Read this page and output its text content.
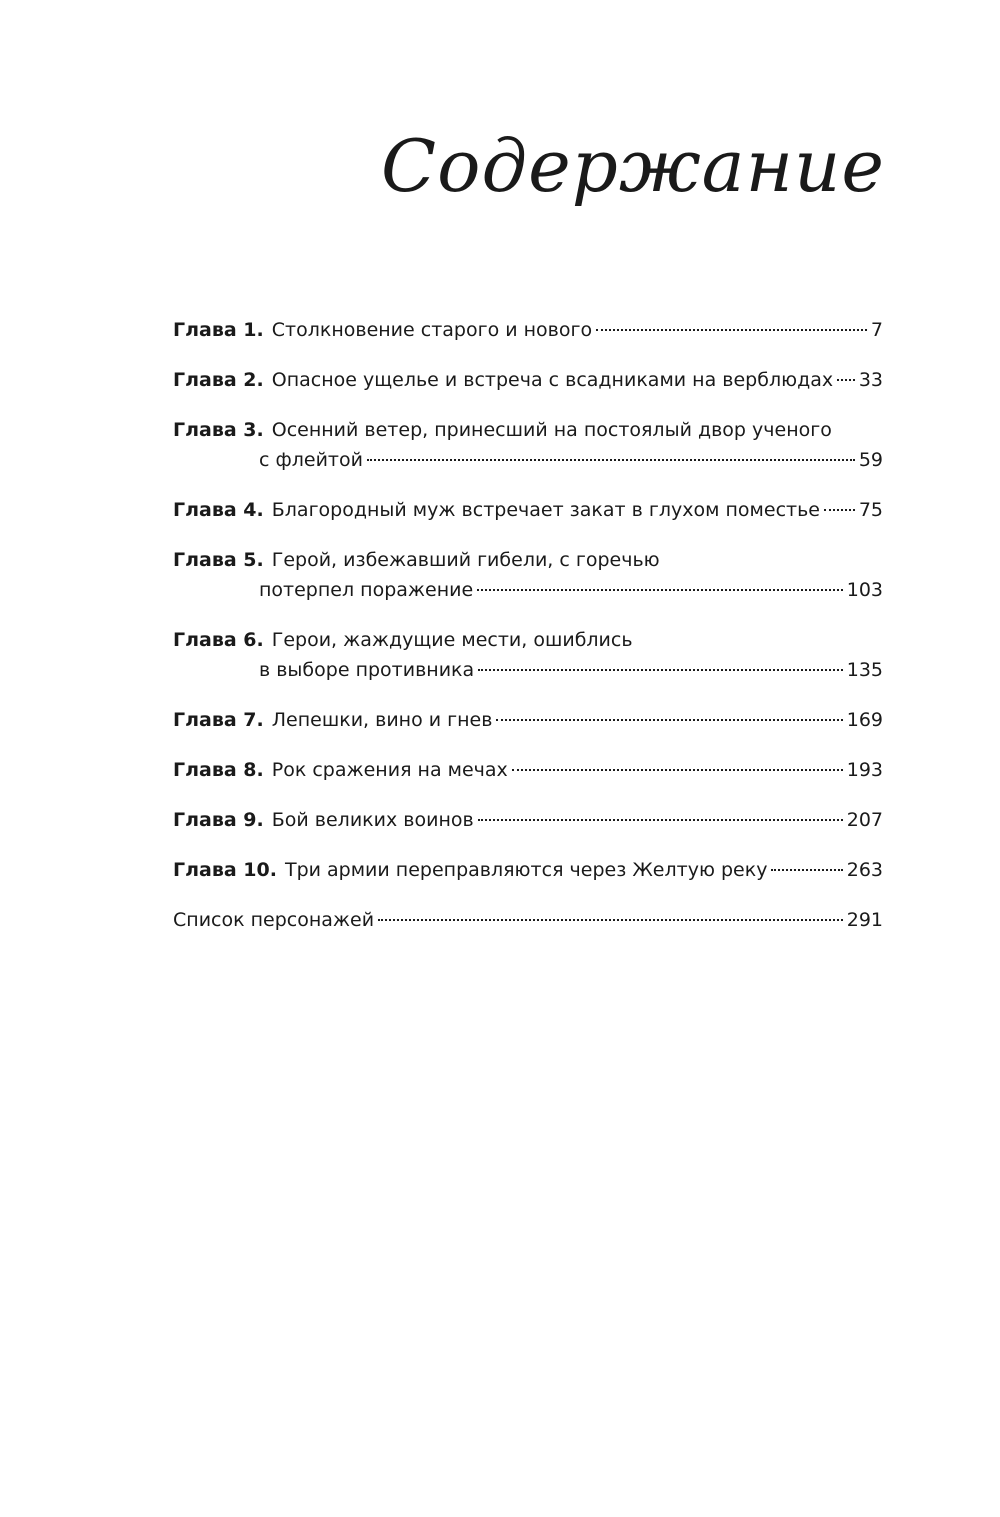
Содержание
Глава 1. Столкновение старого и нового	7
Глава 2. Опасное ущелье и встреча с всадниками на верблюдах 33
Глава 3. Осенний ветер, принесший на постоялый двор ученого
с флейтой	59
Глава 4. Благородный муж встречает закат в глухом поместье 75
Глава 5. Герой, избежавший гибели, с горечью
потерпел поражение	103
Глава 6. Герои, жаждущие мести, ошиблись
в выборе противника	135
Глава 7. Лепешки, вино и гнев	169
Глава 8. Рок сражения на мечах	193
Глава 9. Бой великих воинов	207
Глава 10. Три армии переправляются через Желтую реку	263
Список персонажей	291
